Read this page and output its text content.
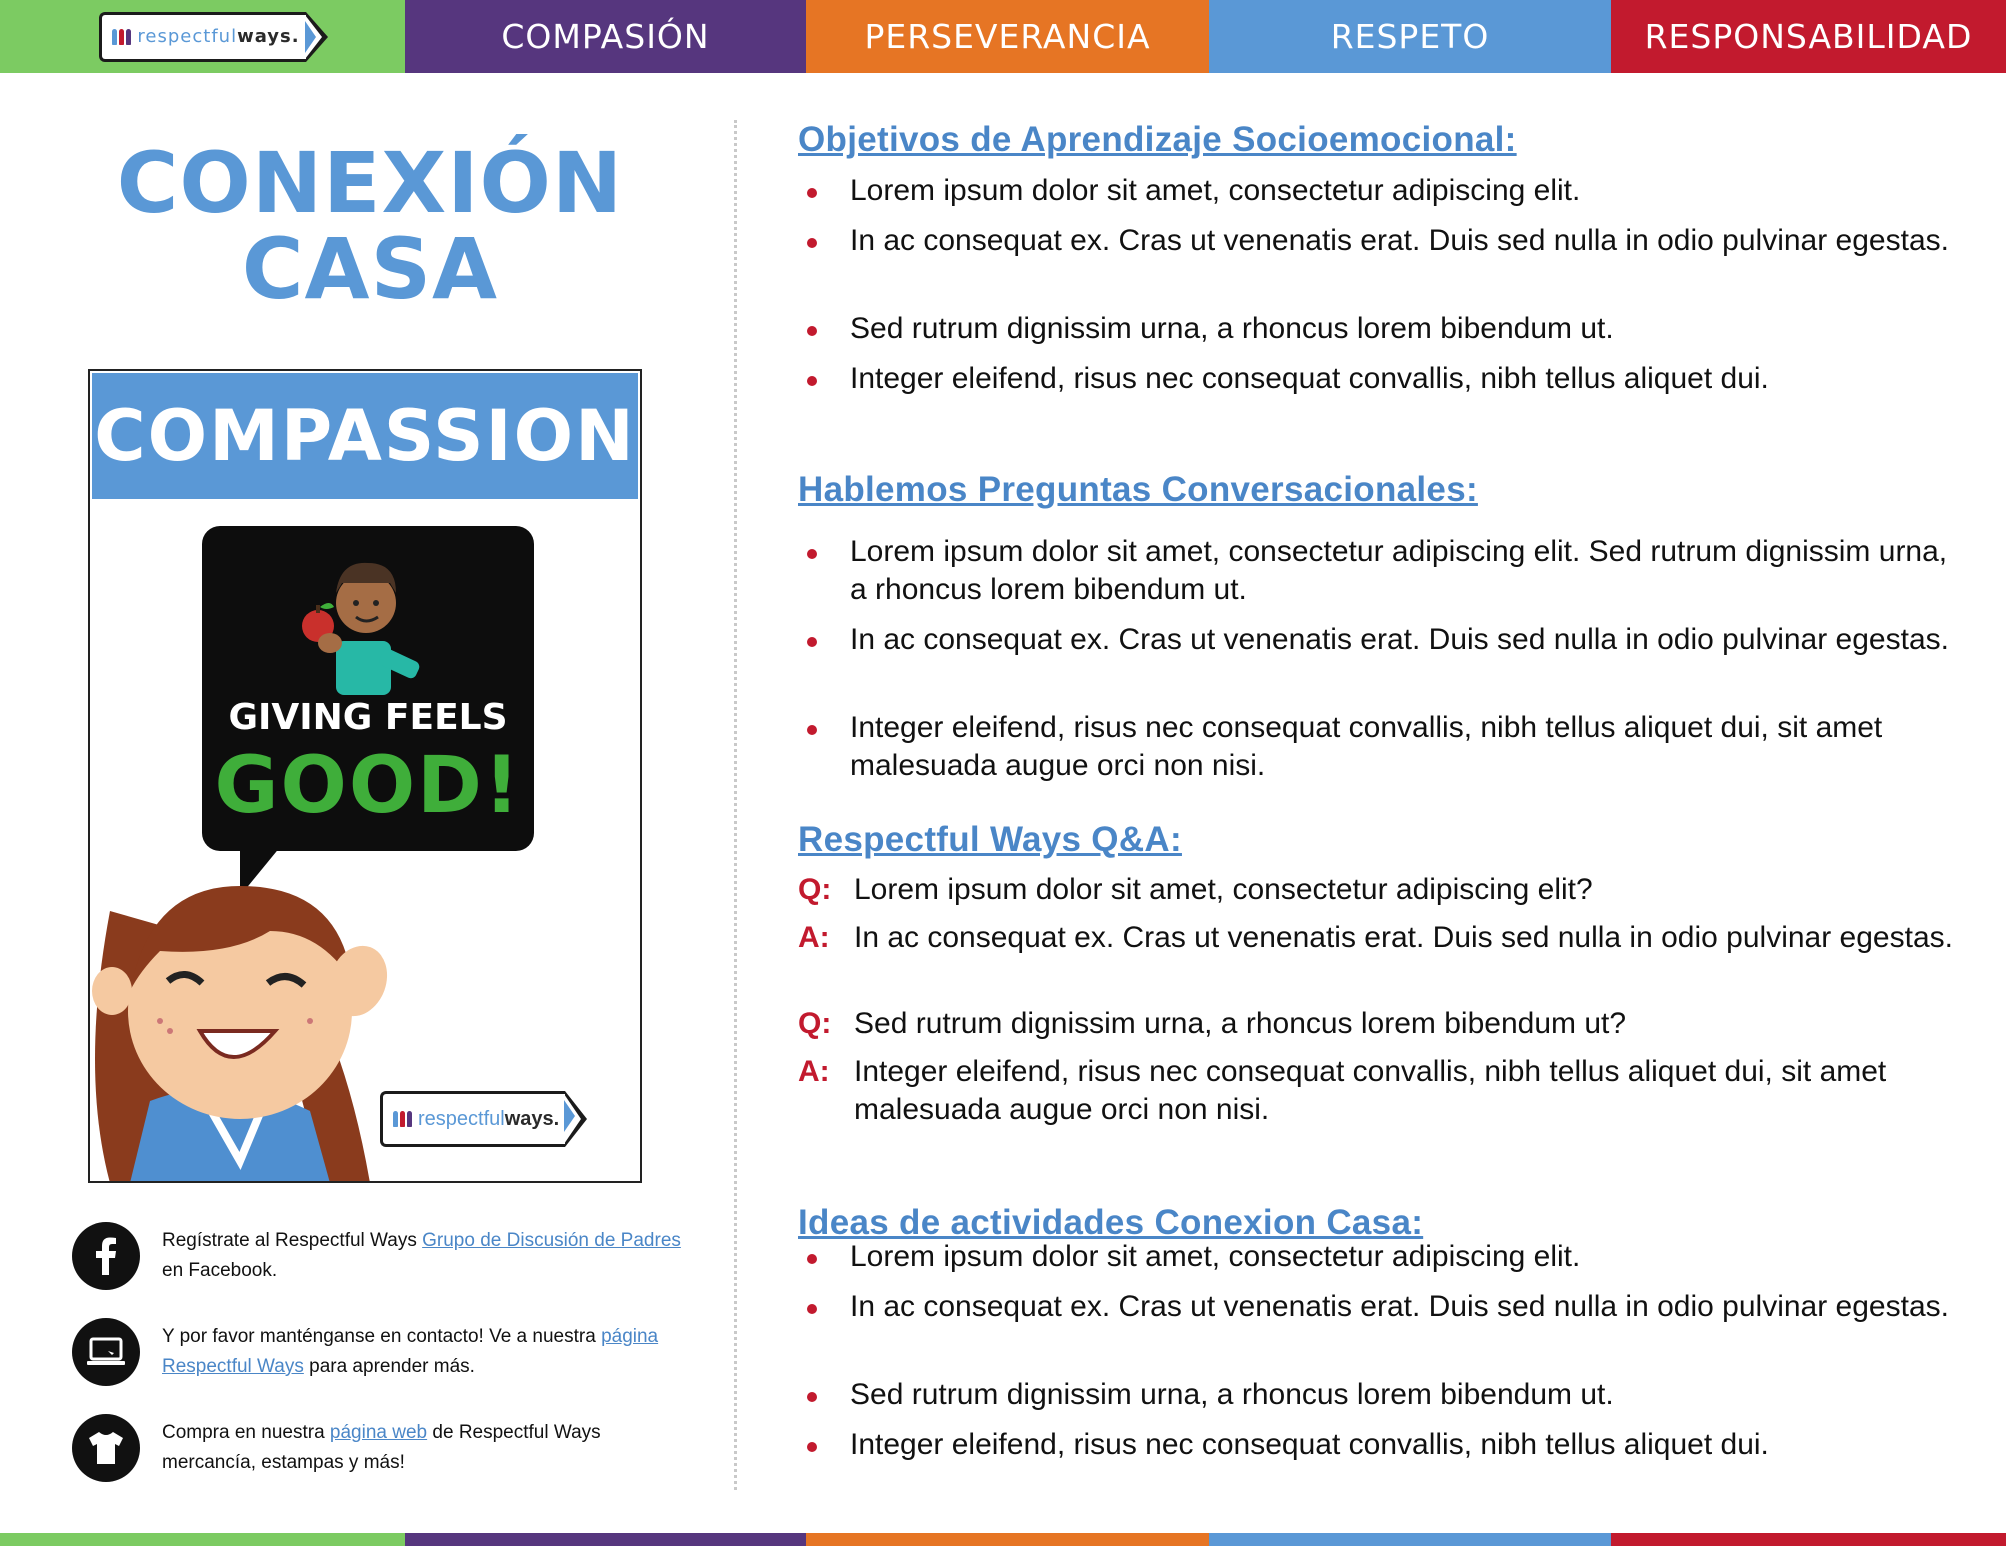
respectfulways.	COMPASIÓN	PERSEVERANCIA	RESPETO	RESPONSABILIDAD
CONEXIÓN
CASA
COMPASSION
GIVING FEELS
GOOD!
respectfulways.
Regístrate al Respectful Ways Grupo de Discusión de Padres en Facebook.
Y por favor manténganse en contacto! Ve a nuestra página Respectful Ways para aprender más.
Compra en nuestra página web de Respectful Ways mercancía, estampas y más!
Objetivos de Aprendizaje Socioemocional:

Lorem ipsum dolor sit amet, consectetur adipiscing elit.

In ac consequat ex. Cras ut venenatis erat. Duis sed nulla in odio pulvinar egestas.

Sed rutrum dignissim urna, a rhoncus lorem bibendum ut.

Integer eleifend, risus nec consequat convallis, nibh tellus aliquet dui.

Hablemos Preguntas Conversacionales:

Lorem ipsum dolor sit amet, consectetur adipiscing elit. Sed rutrum dignissim urna, a rhoncus lorem bibendum ut.

In ac consequat ex. Cras ut venenatis erat. Duis sed nulla in odio pulvinar egestas.

Integer eleifend, risus nec consequat convallis, nibh tellus aliquet dui, sit amet malesuada augue orci non nisi.

Respectful Ways Q&A:
Q: Lorem ipsum dolor sit amet, consectetur adipiscing elit?
A: In ac consequat ex. Cras ut venenatis erat. Duis sed nulla in odio pulvinar egestas.
Q: Sed rutrum dignissim urna, a rhoncus lorem bibendum ut?
A: Integer eleifend, risus nec consequat convallis, nibh tellus aliquet dui, sit amet malesuada augue orci non nisi.
Ideas de actividades Conexion Casa:

Lorem ipsum dolor sit amet, consectetur adipiscing elit.

In ac consequat ex. Cras ut venenatis erat. Duis sed nulla in odio pulvinar egestas.

Sed rutrum dignissim urna, a rhoncus lorem bibendum ut.

Integer eleifend, risus nec consequat convallis, nibh tellus aliquet dui.
